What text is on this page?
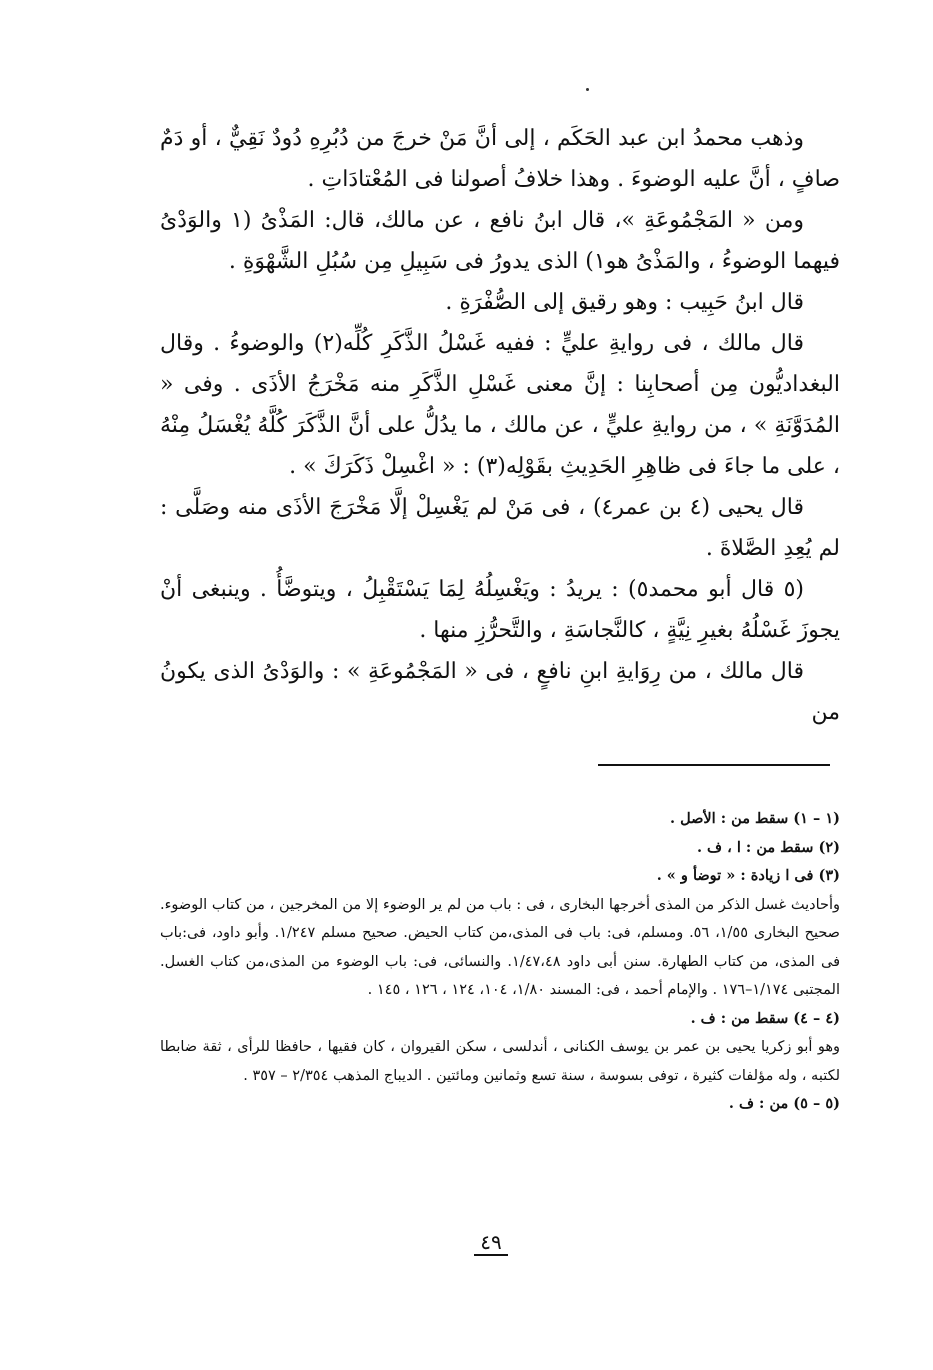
وذهب محمدُ ابن عبد الحَكَم ، إلى أنَّ مَنْ خرجَ من دُبُرِهِ دُودٌ نَقِيٌّ ، أو دَمٌ صافٍ ، أنَّ عليه الوضوءَ . وهذا خلافُ أصولنا فى المُعْتادَاتِ .

ومن « المَجْمُوعَةِ »، قال ابنُ نافع ، عن مالك، قال: المَذْىُ (١ والوَدْىُ فيهما الوضوءُ ، والمَذْىُ هو١) الذى يدورُ فى سَبِيلِ مِن سُبُلِ الشَّهْوَةِ .

قال ابنُ حَبِيب : وهو رقيق إلى الصُّفْرَةِ .

قال مالك ، فى روايةِ عليٍّ : ففيه غَسْلُ الذَّكَرِ كُلِّه(٢) والوضوءُ . وقال البغداديُّون مِن أصحابِنا : إنَّ معنى غَسْلِ الذَّكَرِ منه مَخْرَجُ الأذَى . وفى « المُدَوَّنَةِ » ، من روايةِ عليٍّ ، عن مالك ، ما يدُلُّ على أنَّ الذَّكَرَ كُلَّهُ يُغْسَلُ مِنْهُ ، على ما جاءَ فى ظاهِرِ الحَدِيثِ بقَوْلِه(٣) : « اغْسِلْ ذَكَرَكَ » .

قال يحيى (٤ بن عمر٤) ، فى مَنْ لم يَغْسِلْ إلَّا مَخْرَجَ الأذَى منه وصَلَّى : لم يُعِدِ الصَّلاةَ .

(٥ قال أبو محمد٥) : يريدُ : ويَغْسِلُهُ لِمَا يَسْتَقْبِلُ ، ويتوضَّأُ . وينبغى أنْ يجوزَ غَسْلُهُ بغيرِ نِيَّةٍ ، كالنَّجاسَةِ ، والتَّحرُّزِ منها .

قال مالك ، من رِوَايةِ ابنِ نافعٍ ، فى « المَجْمُوعَةِ » : والوَدْىُ الذى يكونُ من

(١ – ١) سقط من : الأصل .

(٢) سقط من : ا ، ف .

(٣) فى ا زيادة : « توضأ و » .

وأحاديث غسل الذكر من المذى أخرجها البخارى ، فى : باب من لم ير الوضوء إلا من المخرجين ، من كتاب الوضوء. صحيح البخارى ١/٥٥، ٥٦. ومسلم، فى: باب فى المذى،من كتاب الحيض. صحيح مسلم ١/٢٤٧. وأبو داود، فى:باب فى المذى، من كتاب الطهارة. سنن أبى داود ١/٤٧،٤٨. والنسائى، فى: باب الوضوء من المذى،من كتاب الغسل. المجتبى ١/١٧٤–١٧٦ . والإمام أحمد ، فى: المسند ١/٨٠، ١٠٤، ١٢٤ ، ١٢٦ ، ١٤٥ .

(٤ – ٤) سقط من : ف .

وهو أبو زكريا يحيى بن عمر بن يوسف الكنانى ، أندلسى ، سكن القيروان ، كان فقيها ، حافظا للرأى ، ثقة ضابطا لكتبه ، وله مؤلفات كثيرة ، توفى بسوسة ، سنة تسع وثمانين ومائتين . الديباج المذهب ٢/٣٥٤ – ٣٥٧ .

(٥ – ٥) من : ف .

٤٩
